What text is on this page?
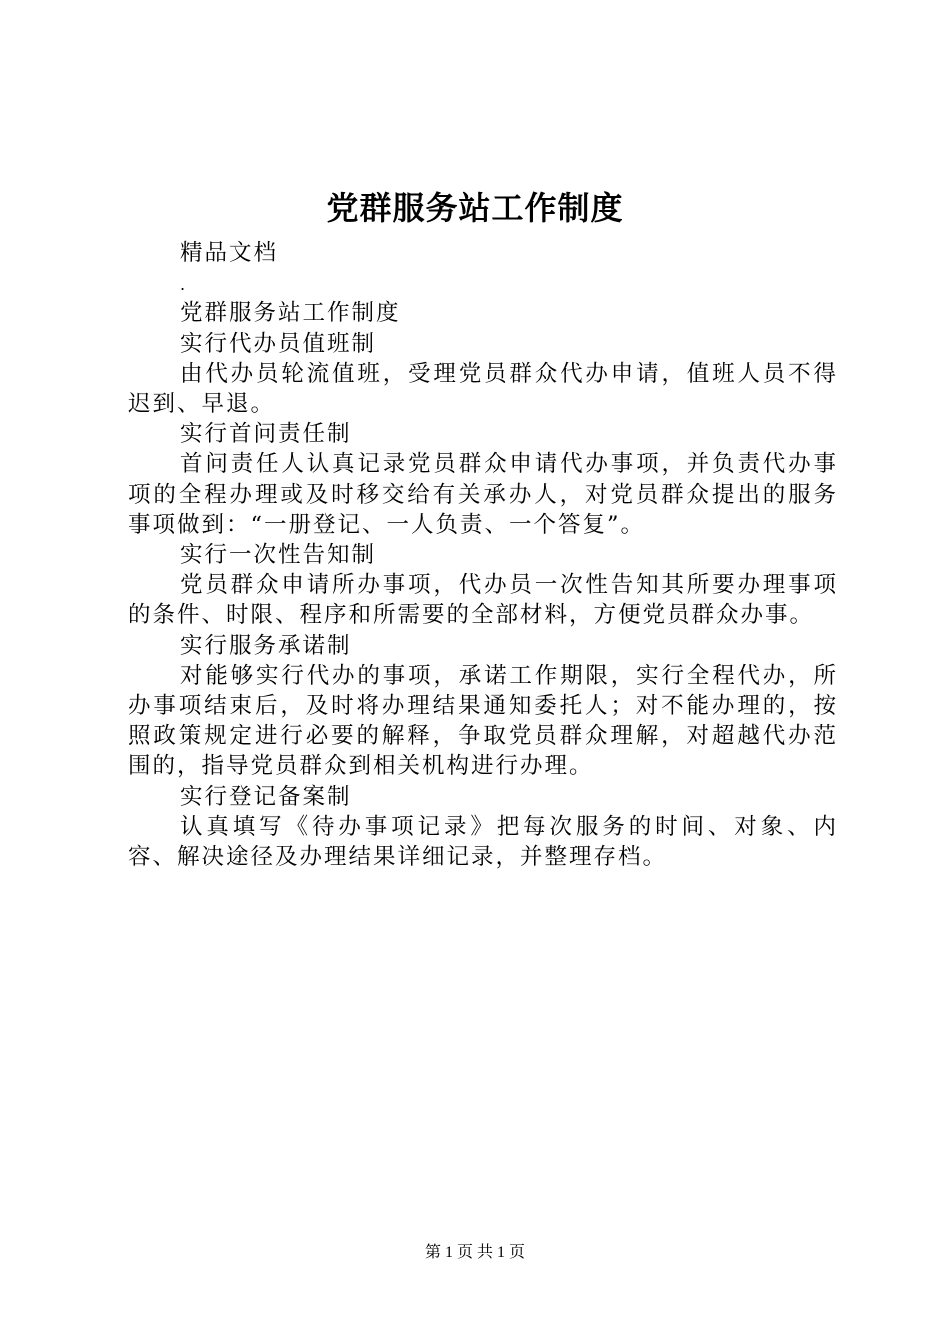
党群服务站工作制度

精品文档

.

党群服务站工作制度

实行代办员值班制

由代办员轮流值班，受理党员群众代办申请，值班人员不得迟到、早退。

实行首问责任制

首问责任人认真记录党员群众申请代办事项，并负责代办事项的全程办理或及时移交给有关承办人，对党员群众提出的服务事项做到：“一册登记、一人负责、一个答复”。

实行一次性告知制

党员群众申请所办事项，代办员一次性告知其所要办理事项的条件、时限、程序和所需要的全部材料，方便党员群众办事。

实行服务承诺制

对能够实行代办的事项，承诺工作期限，实行全程代办，所办事项结束后，及时将办理结果通知委托人；对不能办理的，按照政策规定进行必要的解释，争取党员群众理解，对超越代办范围的，指导党员群众到相关机构进行办理。

实行登记备案制

认真填写《待办事项记录》把每次服务的时间、对象、内容、解决途径及办理结果详细记录，并整理存档。

第 1 页 共 1 页
